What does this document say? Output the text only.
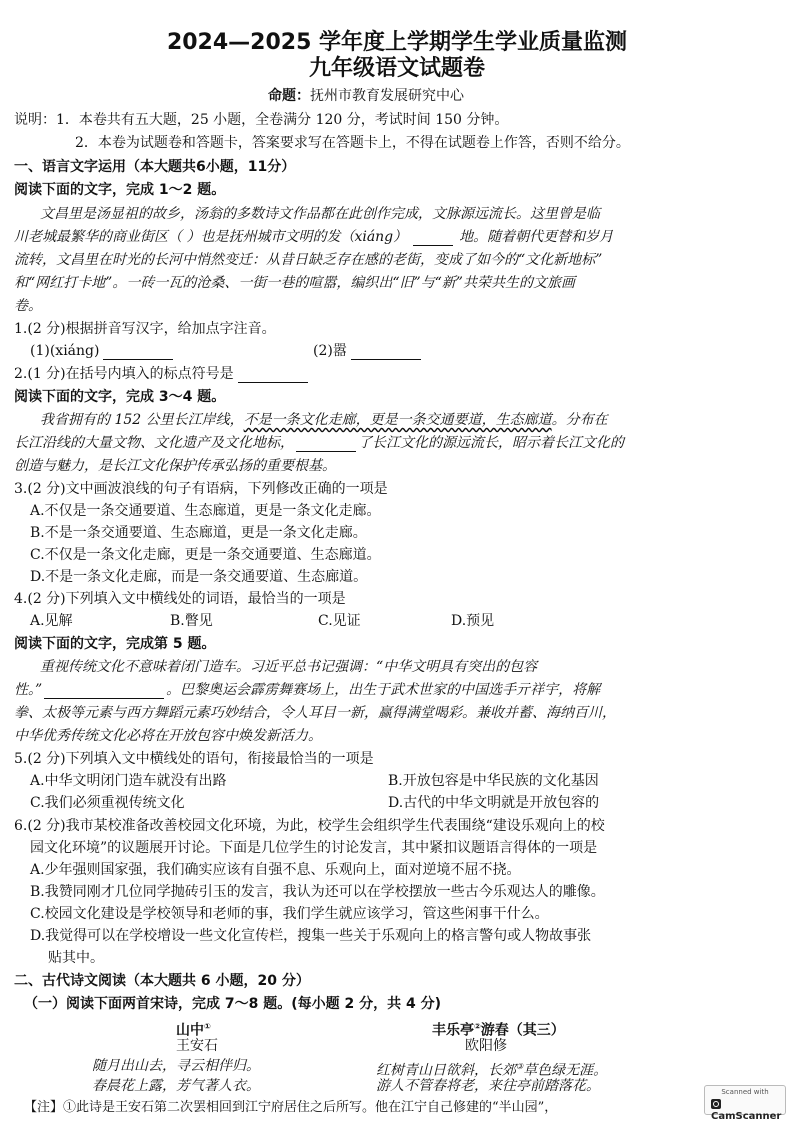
2024—2025 学年度上学期学生学业质量监测
九年级语文试题卷
命题：抚州市教育发展研究中心
说明：1．本卷共有五大题，25 小题，全卷满分 120 分，考试时间 150 分钟。
2．本卷为试题卷和答题卡，答案要求写在答题卡上，不得在试题卷上作答，否则不给分。
一、语言文字运用（本大题共6小题，11分）
阅读下面的文字，完成 1～2 题。
文昌里是汤显祖的故乡，汤翁的多数诗文作品都在此创作完成，文脉源远流长。这里曾是临
川老城最繁华的商业街区（ ）也是抚州城市文明的发（xiáng）	地。随着朝代更替和岁月
流转，文昌里在时光的长河中悄然变迁：从昔日缺乏存在感的老街，变成了如今的“文化新地标”
和“网红打卡地”。一砖一瓦的沧桑、一街一巷的喧嚣，编织出“旧”与“新”共荣共生的文旅画
卷。
1.(2 分)根据拼音写汉字，给加点字注音。
(1)(xiáng)	(2)嚣
2.(1 分)在括号内填入的标点符号是
阅读下面的文字，完成 3～4 题。
我省拥有的 152 公里长江岸线，不是一条文化走廊，更是一条交通要道，生态廊道。分布在
长江沿线的大量文物、文化遗产及文化地标，	了长江文化的源远流长，昭示着长江文化的
创造与魅力，是长江文化保护传承弘扬的重要根基。
3.(2 分)文中画波浪线的句子有语病，下列修改正确的一项是
A.不仅是一条交通要道、生态廊道，更是一条文化走廊。
B.不是一条交通要道、生态廊道，更是一条文化走廊。
C.不仅是一条文化走廊，更是一条交通要道、生态廊道。
D.不是一条文化走廊，而是一条交通要道、生态廊道。
4.(2 分)下列填入文中横线处的词语，最恰当的一项是
A.见解	B.瞥见	C.见证	D.预见
阅读下面的文字，完成第 5 题。
重视传统文化不意味着闭门造车。习近平总书记强调：“中华文明具有突出的包容
性。”	。巴黎奥运会霹雳舞赛场上，出生于武术世家的中国选手亓祥宇，将解
拳、太极等元素与西方舞蹈元素巧妙结合，令人耳目一新，赢得满堂喝彩。兼收并蓄、海纳百川，
中华优秀传统文化必将在开放包容中焕发新活力。
5.(2 分)下列填入文中横线处的语句，衔接最恰当的一项是
A.中华文明闭门造车就没有出路	B.开放包容是中华民族的文化基因
C.我们必须重视传统文化	D.古代的中华文明就是开放包容的
6.(2 分)我市某校准备改善校园文化环境，为此，校学生会组织学生代表围绕“建设乐观向上的校
园文化环境”的议题展开讨论。下面是几位学生的讨论发言，其中紧扣议题语言得体的一项是
A.少年强则国家强，我们确实应该有自强不息、乐观向上，面对逆境不屈不挠。
B.我赞同刚才几位同学抛砖引玉的发言，我认为还可以在学校摆放一些古今乐观达人的雕像。
C.校园文化建设是学校领导和老师的事，我们学生就应该学习，管这些闲事干什么。
D.我觉得可以在学校增设一些文化宣传栏，搜集一些关于乐观向上的格言警句或人物故事张
贴其中。
二、古代诗文阅读（本大题共 6 小题，20 分）
（一）阅读下面两首宋诗，完成 7～8 题。(每小题 2 分，共 4 分)
山中①
王安石
随月出山去，寻云相伴归。
春晨花上露，芳气著人衣。
丰乐亭②游春（其三）
欧阳修
红树青山日欲斜，长郊③草色绿无涯。
游人不管春将老，来往亭前踏落花。
【注】①此诗是王安石第二次罢相回到江宁府居住之后所写。他在江宁自己修建的“半山园”，
Scanned with
CamScanner
